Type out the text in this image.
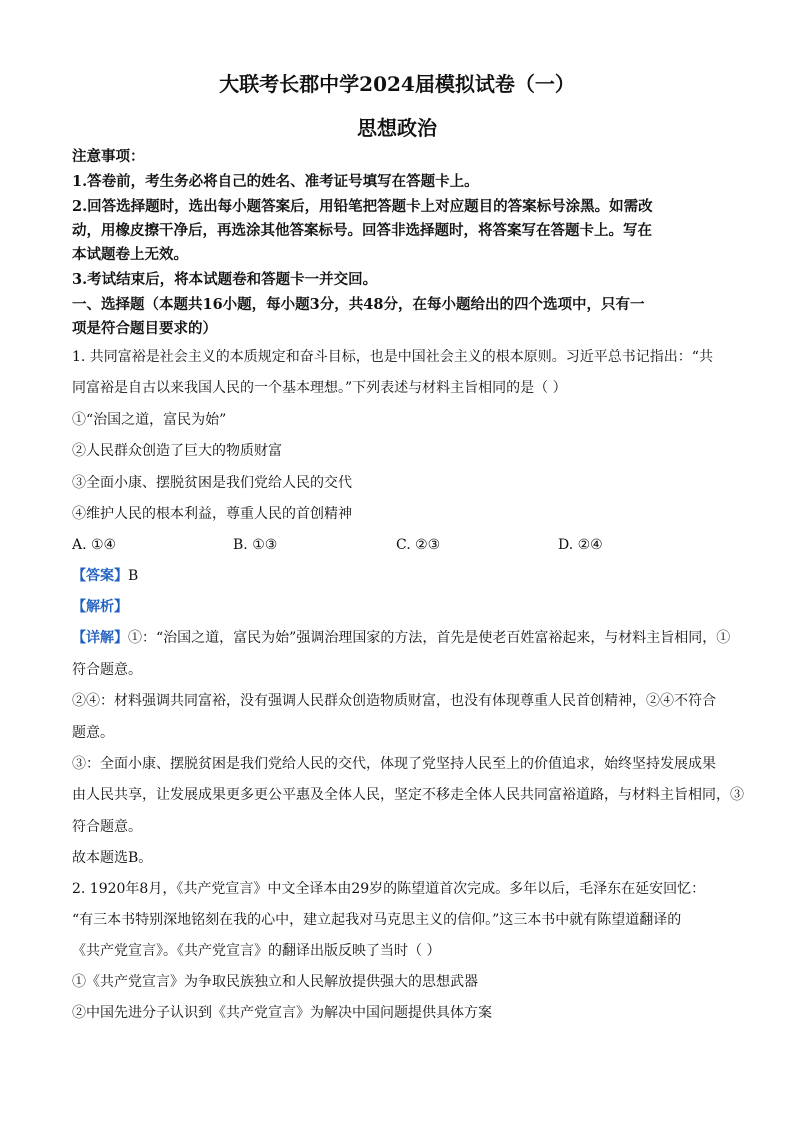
大联考长郡中学2024届模拟试卷（一）
思想政治
注意事项：
1.答卷前，考生务必将自己的姓名、准考证号填写在答题卡上。
2.回答选择题时，选出每小题答案后，用铅笔把答题卡上对应题目的答案标号涂黑。如需改
动，用橡皮擦干净后，再选涂其他答案标号。回答非选择题时，将答案写在答题卡上。写在
本试题卷上无效。
3.考试结束后，将本试题卷和答题卡一并交回。
一、选择题（本题共16小题，每小题3分，共48分，在每小题给出的四个选项中，只有一
项是符合题目要求的）
1. 共同富裕是社会主义的本质规定和奋斗目标，也是中国社会主义的根本原则。习近平总书记指出：“共
同富裕是自古以来我国人民的一个基本理想。”下列表述与材料主旨相同的是（ ）
①“治国之道，富民为始”
②人民群众创造了巨大的物质财富
③全面小康、摆脱贫困是我们党给人民的交代
④维护人民的根本利益，尊重人民的首创精神
A. ①④	B. ①③	C. ②③	D. ②④
【答案】B
【解析】
【详解】①：“治国之道，富民为始”强调治理国家的方法，首先是使老百姓富裕起来，与材料主旨相同，①
符合题意。
②④：材料强调共同富裕，没有强调人民群众创造物质财富，也没有体现尊重人民首创精神，②④不符合
题意。
③：全面小康、摆脱贫困是我们党给人民的交代，体现了党坚持人民至上的价值追求，始终坚持发展成果
由人民共享，让发展成果更多更公平惠及全体人民，坚定不移走全体人民共同富裕道路，与材料主旨相同，③
符合题意。
故本题选B。
2. 1920年8月，《共产党宣言》中文全译本由29岁的陈望道首次完成。多年以后，毛泽东在延安回忆：
“有三本书特别深地铭刻在我的心中，建立起我对马克思主义的信仰。”这三本书中就有陈望道翻译的
《共产党宣言》。《共产党宣言》的翻译出版反映了当时（ ）
①《共产党宣言》为争取民族独立和人民解放提供强大的思想武器
②中国先进分子认识到《共产党宣言》为解决中国问题提供具体方案
